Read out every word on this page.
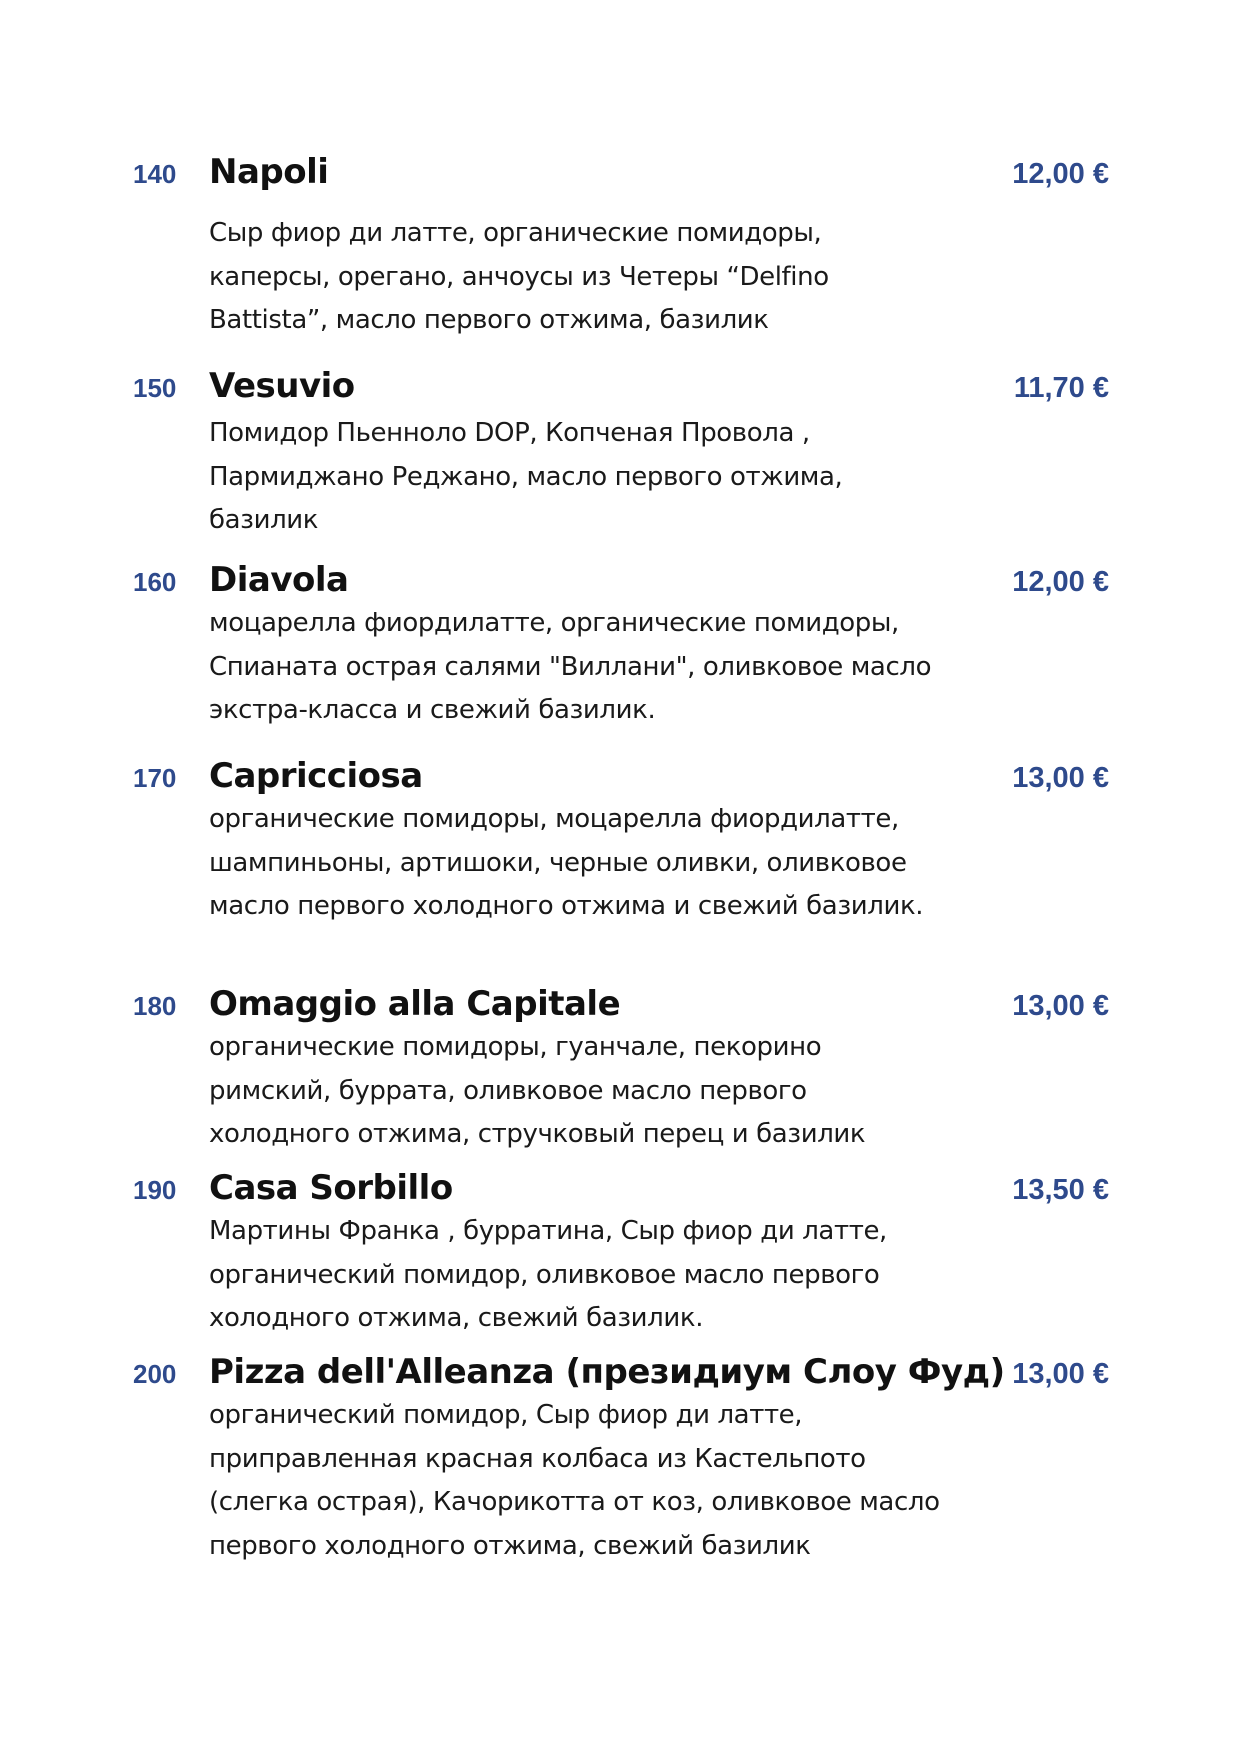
140 Napoli	12,00 €
Сыр фиор ди латте, органические помидоры, каперсы, орегано, анчоусы из Четеры “Delfino Battista”, масло первого отжима, базилик
150 Vesuvio	11,70 €
Помидор Пьенноло DOP, Копченая Провола , Пармиджано Реджано, масло первого отжима, базилик
160 Diavola	12,00 €
моцарелла фиордилатте, органические помидоры, Спианата острая салями "Виллани", оливковое масло экстра-класса и свежий базилик.
170 Capricciosa	13,00 €
органические помидоры, моцарелла фиордилатте, шампиньоны, артишоки, черные оливки, оливковое масло первого холодного отжима и свежий базилик.
180 Omaggio alla Capitale	13,00 €
органические помидоры, гуанчале, пекорино римский, буррата, оливковое масло первого холодного отжима, стручковый перец и базилик
190 Casa Sorbillo	13,50 €
Мартины Франка , бурратина, Сыр фиор ди латте, органический помидор, оливковое масло первого холодного отжима, свежий базилик.
200 Pizza dell'Alleanza (президиум Слоу Фуд) 13,00 €
органический помидор, Сыр фиор ди латте, приправленная красная колбаса из Кастельпото (слегка острая), Качорикотта от коз, оливковое масло первого холодного отжима, свежий базилик
